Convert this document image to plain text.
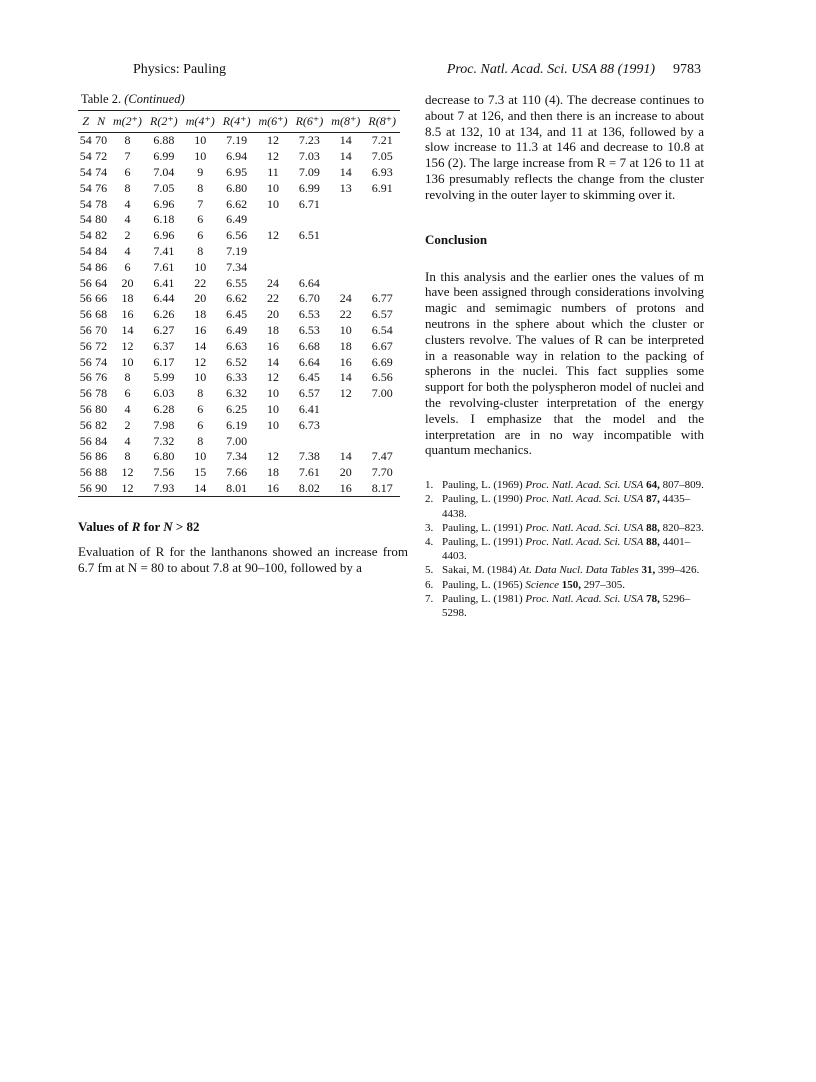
Physics: Pauling	Proc. Natl. Acad. Sci. USA 88 (1991) 9783
Table 2. (Continued)
Z	N	m(2⁺)	R(2⁺)	m(4⁺)	R(4⁺)	m(6⁺)	R(6⁺)	m(8⁺)	R(8⁺)
54	70	8	6.88	10	7.19	12	7.23	14	7.21
54	72	7	6.99	10	6.94	12	7.03	14	7.05
54	74	6	7.04	9	6.95	11	7.09	14	6.93
54	76	8	7.05	8	6.80	10	6.99	13	6.91
54	78	4	6.96	7	6.62	10	6.71		
54	80	4	6.18	6	6.49				
54	82	2	6.96	6	6.56	12	6.51		
54	84	4	7.41	8	7.19				
54	86	6	7.61	10	7.34				
56	64	20	6.41	22	6.55	24	6.64		
56	66	18	6.44	20	6.62	22	6.70	24	6.77
56	68	16	6.26	18	6.45	20	6.53	22	6.57
56	70	14	6.27	16	6.49	18	6.53	10	6.54
56	72	12	6.37	14	6.63	16	6.68	18	6.67
56	74	10	6.17	12	6.52	14	6.64	16	6.69
56	76	8	5.99	10	6.33	12	6.45	14	6.56
56	78	6	6.03	8	6.32	10	6.57	12	7.00
56	80	4	6.28	6	6.25	10	6.41		
56	82	2	7.98	6	6.19	10	6.73		
56	84	4	7.32	8	7.00				
56	86	8	6.80	10	7.34	12	7.38	14	7.47
56	88	12	7.56	15	7.66	18	7.61	20	7.70
56	90	12	7.93	14	8.01	16	8.02	16	8.17
Values of R for N > 82
Evaluation of R for the lanthanons showed an increase from 6.7 fm at N = 80 to about 7.8 at 90–100, followed by a
decrease to 7.3 at 110 (4). The decrease continues to about 7 at 126, and then there is an increase to about 8.5 at 132, 10 at 134, and 11 at 136, followed by a slow increase to 11.3 at 146 and decrease to 10.8 at 156 (2). The large increase from R = 7 at 126 to 11 at 136 presumably reflects the change from the cluster revolving in the outer layer to skimming over it.
Conclusion
In this analysis and the earlier ones the values of m have been assigned through considerations involving magic and semimagic numbers of protons and neutrons in the sphere about which the cluster or clusters revolve. The values of R can be interpreted in a reasonable way in relation to the packing of spherons in the nuclei. This fact supplies some support for both the polyspheron model of nuclei and the revolving-cluster interpretation of the energy levels. I emphasize that the model and the interpretation are in no way incompatible with quantum mechanics.
1. Pauling, L. (1969) Proc. Natl. Acad. Sci. USA 64, 807–809.
2. Pauling, L. (1990) Proc. Natl. Acad. Sci. USA 87, 4435–4438.
3. Pauling, L. (1991) Proc. Natl. Acad. Sci. USA 88, 820–823.
4. Pauling, L. (1991) Proc. Natl. Acad. Sci. USA 88, 4401–4403.
5. Sakai, M. (1984) At. Data Nucl. Data Tables 31, 399–426.
6. Pauling, L. (1965) Science 150, 297–305.
7. Pauling, L. (1981) Proc. Natl. Acad. Sci. USA 78, 5296–5298.
